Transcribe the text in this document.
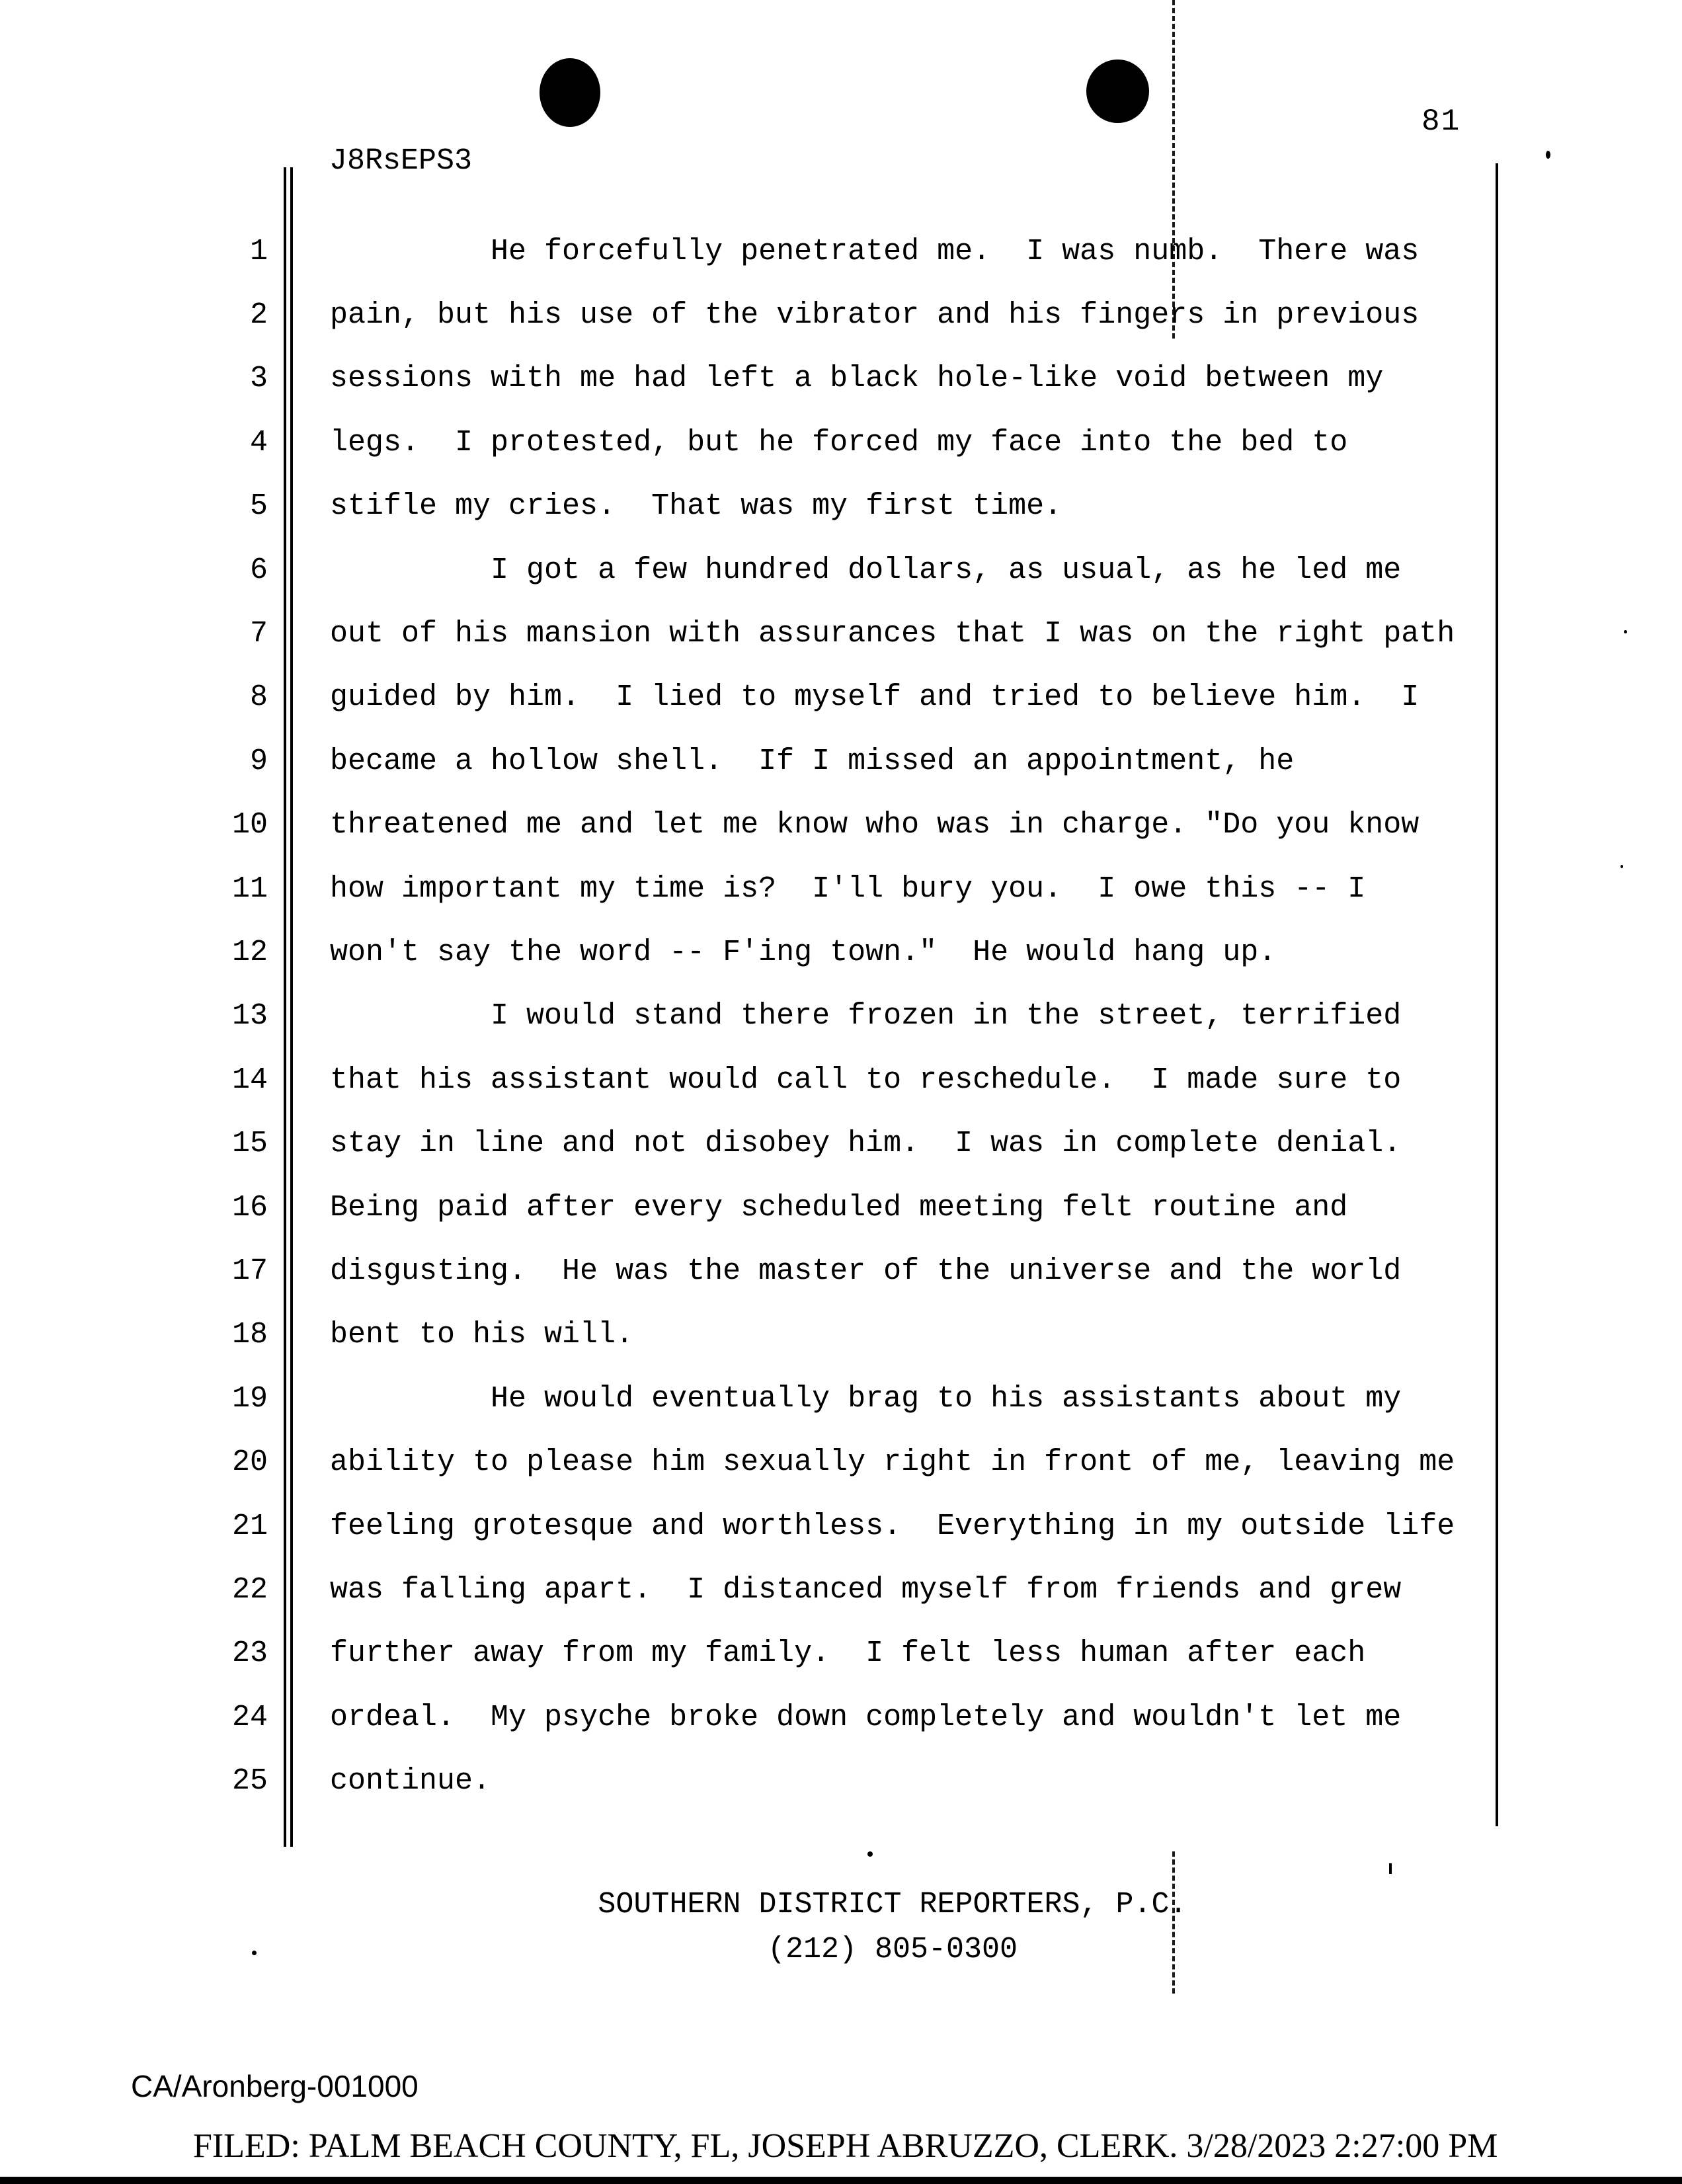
81
J8RsEPS3
1 He forcefully penetrated me.  I was numb.  There was
2 pain, but his use of the vibrator and his fingers in previous
3 sessions with me had left a black hole-like void between my
4 legs.  I protested, but he forced my face into the bed to
5 stifle my cries.  That was my first time.
6 I got a few hundred dollars, as usual, as he led me
7 out of his mansion with assurances that I was on the right path
8 guided by him.  I lied to myself and tried to believe him.  I
9 became a hollow shell.  If I missed an appointment, he
10 threatened me and let me know who was in charge. "Do you know
11 how important my time is?  I'll bury you.  I owe this -- I
12 won't say the word -- F'ing town."  He would hang up.
13 I would stand there frozen in the street, terrified
14 that his assistant would call to reschedule.  I made sure to
15 stay in line and not disobey him.  I was in complete denial.
16 Being paid after every scheduled meeting felt routine and
17 disgusting.  He was the master of the universe and the world
18 bent to his will.
19 He would eventually brag to his assistants about my
20 ability to please him sexually right in front of me, leaving me
21 feeling grotesque and worthless.  Everything in my outside life
22 was falling apart.  I distanced myself from friends and grew
23 further away from my family.  I felt less human after each
24 ordeal.  My psyche broke down completely and wouldn't let me
25 continue.
SOUTHERN DISTRICT REPORTERS, P.C.
(212) 805-0300
CA/Aronberg-001000
FILED: PALM BEACH COUNTY, FL, JOSEPH ABRUZZO, CLERK. 3/28/2023 2:27:00 PM
